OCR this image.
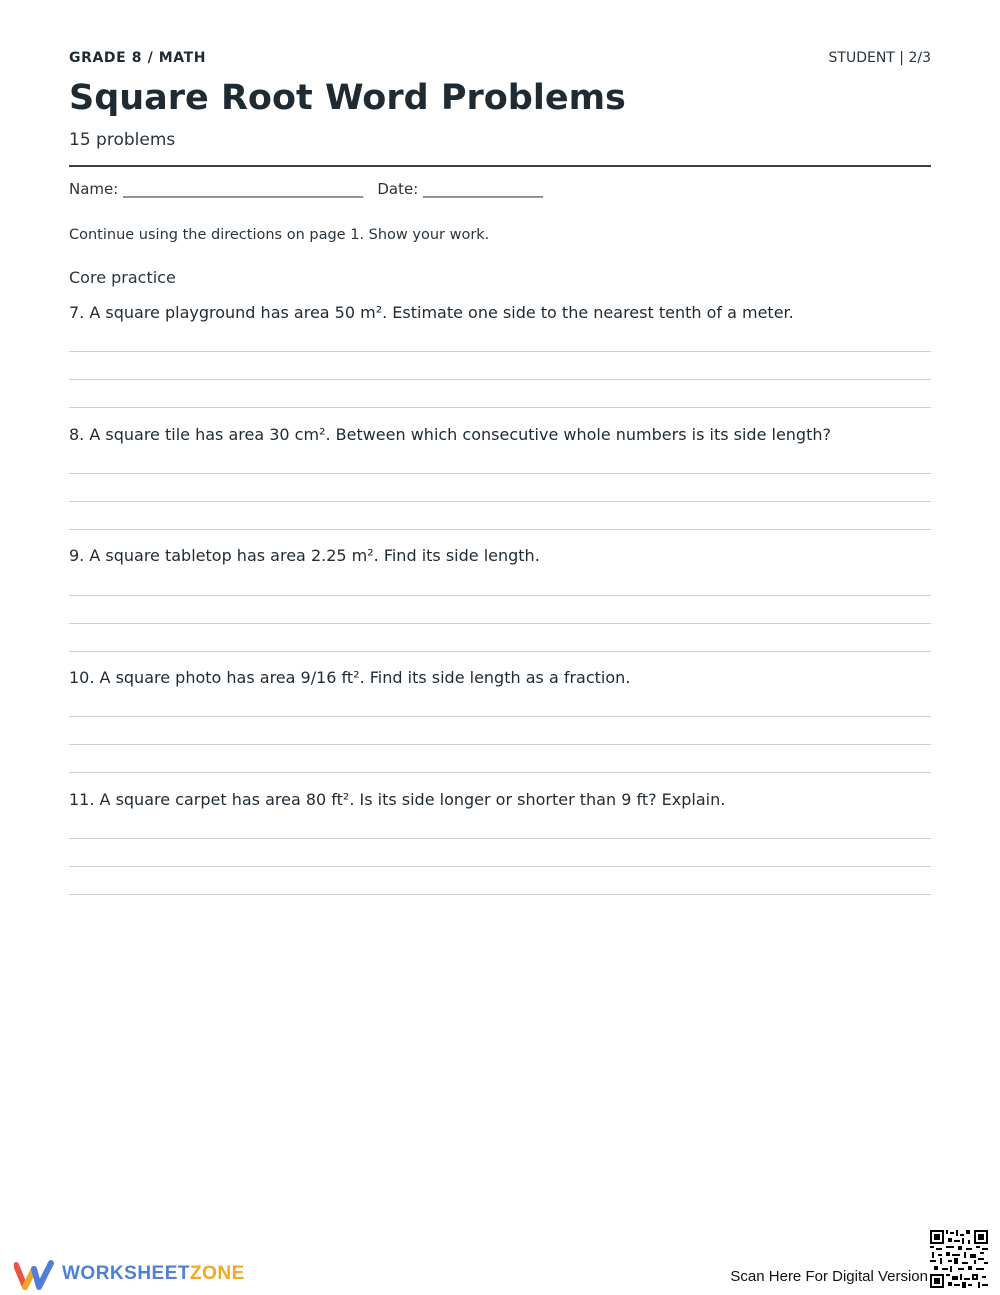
GRADE 8 / MATH	STUDENT | 2/3
Square Root Word Problems
15 problems
Name: ________________________________   Date: ________________
Continue using the directions on page 1. Show your work.
Core practice
7. A square playground has area 50 m². Estimate one side to the nearest tenth of a meter.
8. A square tile has area 30 cm². Between which consecutive whole numbers is its side length?
9. A square tabletop has area 2.25 m². Find its side length.
10. A square photo has area 9/16 ft². Find its side length as a fraction.
11. A square carpet has area 80 ft². Is its side longer or shorter than 9 ft? Explain.
WORKSHEETZONE	Scan Here For Digital Version
